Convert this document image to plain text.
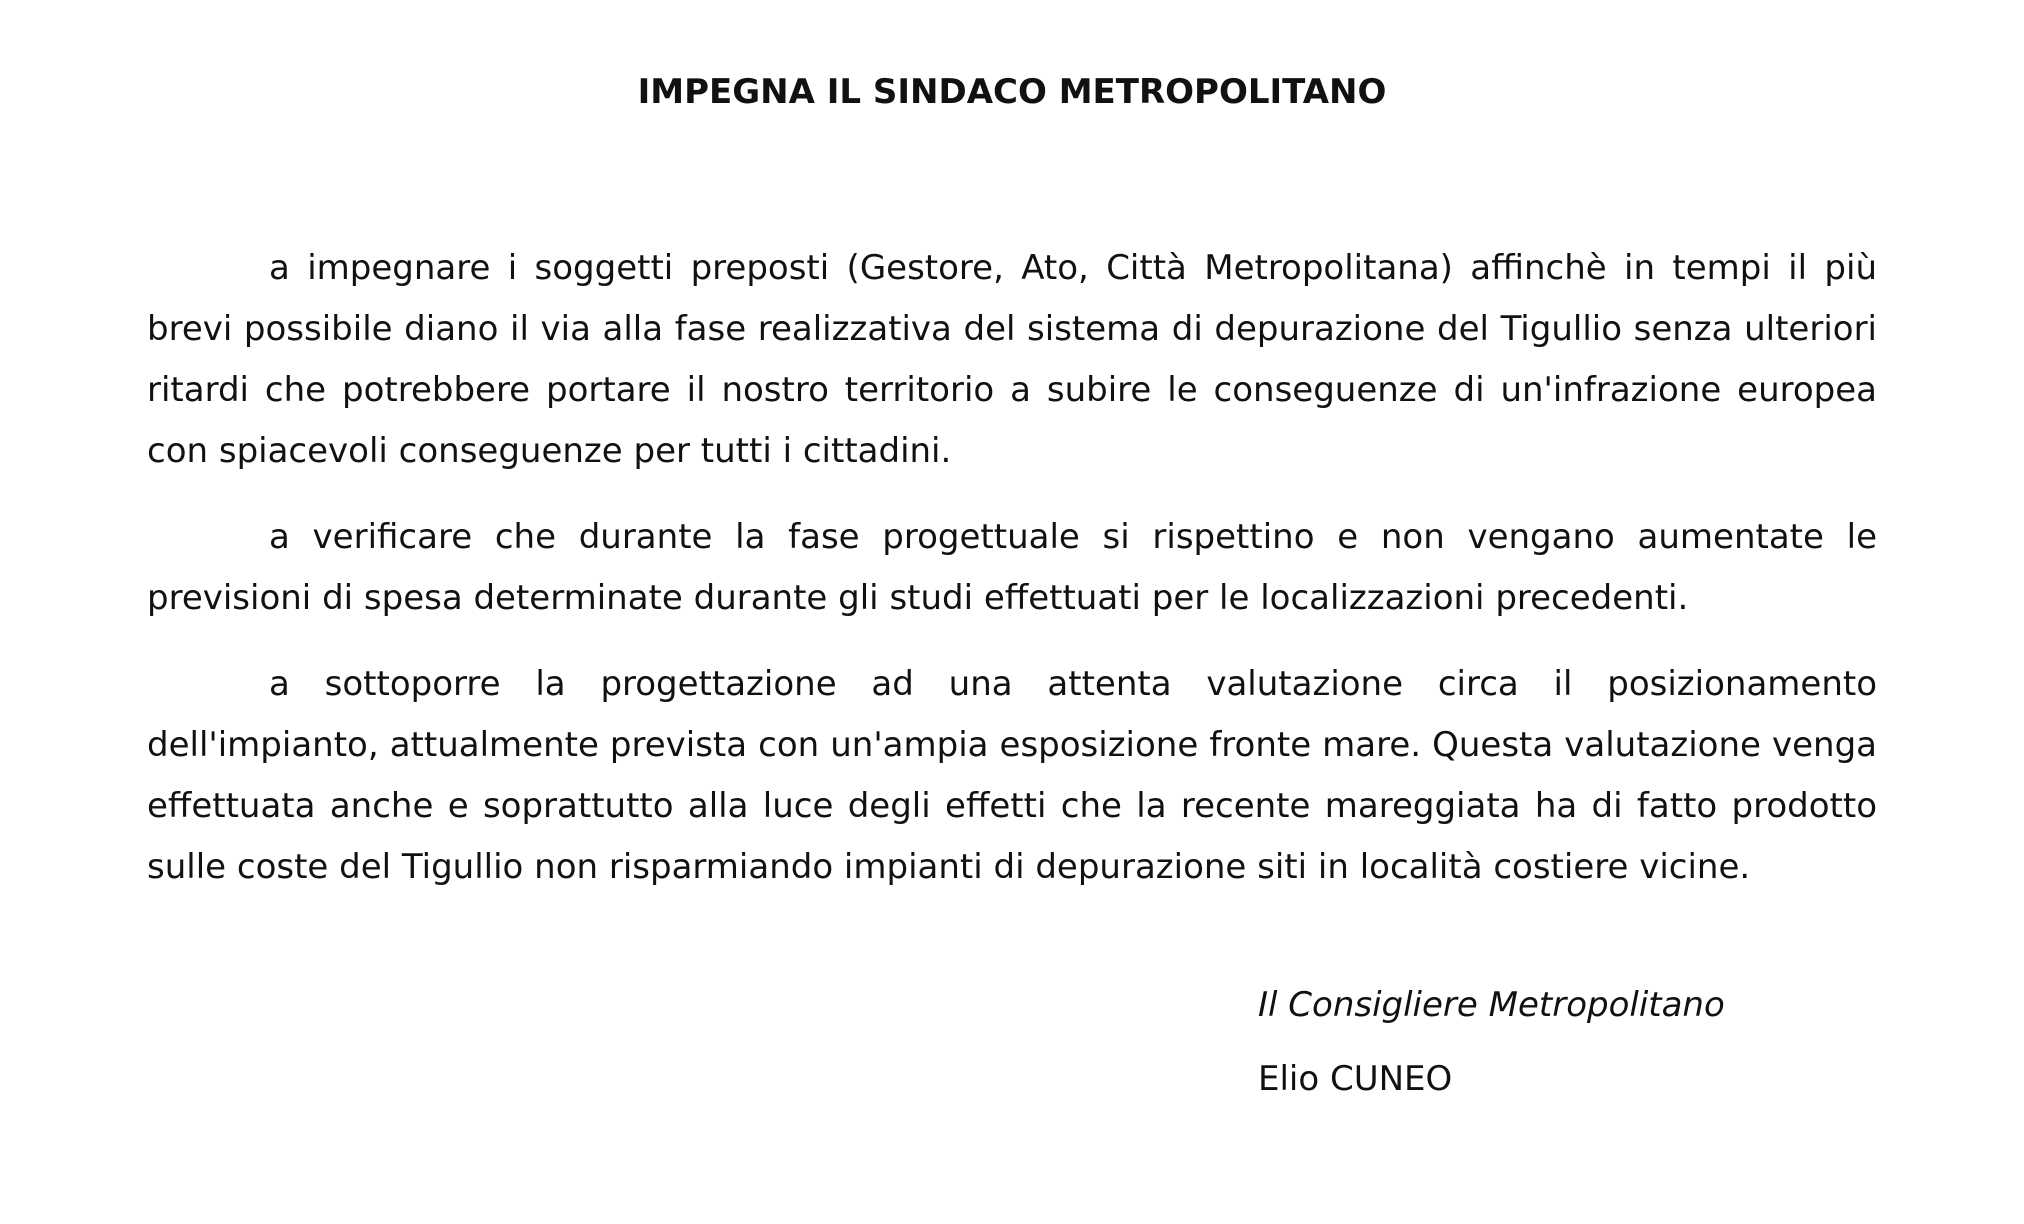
IMPEGNA IL SINDACO METROPOLITANO

a impegnare i soggetti preposti (Gestore, Ato, Città Metropolitana) affinchè in tempi il più brevi possibile diano il via alla fase realizzativa del sistema di depurazione del Tigullio senza ulteriori ritardi che potrebbere portare il nostro territorio a subire le conseguenze di un'infrazione europea con spiacevoli conseguenze per tutti i cittadini.

a verificare che durante la fase progettuale si rispettino e non vengano aumentate le previsioni di spesa determinate durante gli studi effettuati per le localizzazioni precedenti.

a sottoporre la progettazione ad una attenta valutazione circa il posizionamento dell'impianto, attualmente prevista con un'ampia esposizione fronte mare. Questa valutazione venga effettuata anche e soprattutto alla luce degli effetti che la recente mareggiata ha di fatto prodotto sulle coste del Tigullio non risparmiando impianti di depurazione siti in località costiere vicine.

Il Consigliere Metropolitano
Elio CUNEO
